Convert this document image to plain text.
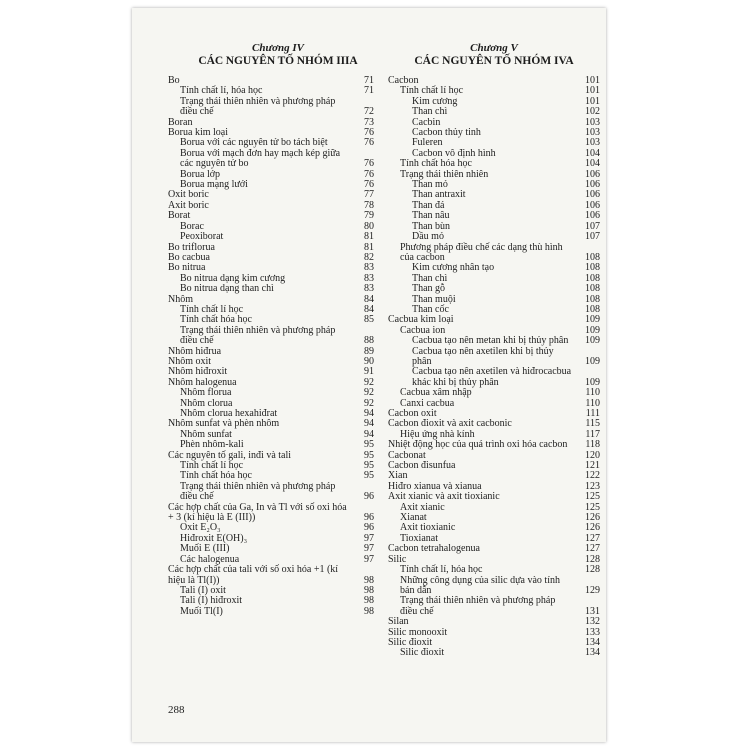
Chương IV
CÁC NGUYÊN TỐ NHÓM IIIA
Bo	71
Tính chất lí, hóa học	71
Trạng thái thiên nhiên và phương pháp điều chế	72
Boran	73
Borua kim loại	76
Borua với các nguyên tử bo tách biệt	76
Borua với mạch đơn hay mạch kép giữa các nguyên tử bo	76
Borua lớp	76
Borua mạng lưới	76
Oxit boric	77
Axit boric	78
Borat	79
Borac	80
Peoxiborat	81
Bo triflorua	81
Bo cacbua	82
Bo nitrua	83
Bo nitrua dạng kim cương	83
Bo nitrua dạng than chì	83
Nhôm	84
Tính chất lí học	84
Tính chất hóa học	85
Trạng thái thiên nhiên và phương pháp điều chế	88
Nhôm hiđrua	89
Nhôm oxit	90
Nhôm hiđroxit	91
Nhôm halogenua	92
Nhôm florua	92
Nhôm clorua	92
Nhôm clorua hexahiđrat	94
Nhôm sunfat và phèn nhôm	94
Nhôm sunfat	94
Phèn nhôm-kali	95
Các nguyên tố gali, inđi và tali	95
Tính chất lí học	95
Tính chất hóa học	95
Trạng thái thiên nhiên và phương pháp điều chế	96
Các hợp chất của Ga, In và Tl với số oxi hóa + 3 (kí hiệu là E (III))	96
Oxit E₂O₃	96
Hiđroxit E(OH)₃	97
Muối E (III)	97
Các halogenua	97
Các hợp chất của tali với số oxi hóa +1 (kí hiệu là Tl(I))	98
Tali (I) oxit	98
Tali (I) hiđroxit	98
Muối Tl(I)	98
Chương V
CÁC NGUYÊN TỐ NHÓM IVA
Cacbon	101
Tính chất lí học	101
Kim cương	101
Than chì	102
Cacbin	103
Cacbon thủy tinh	103
Fuleren	103
Cacbon vô định hình	104
Tính chất hóa học	104
Trạng thái thiên nhiên	106
Than mỏ	106
Than antraxit	106
Than đá	106
Than nâu	106
Than bùn	107
Dầu mỏ	107
Phương pháp điều chế các dạng thù hình của cacbon	108
Kim cương nhân tạo	108
Than chì	108
Than gỗ	108
Than muội	108
Than cốc	108
Cacbua kim loại	109
Cacbua ion	109
Cacbua tạo nên metan khi bị thủy phân 109
Cacbua tạo nên axetilen khi bị thủy phân	109
Cacbua tạo nên axetilen và hiđrocacbua khác khi bị thủy phân	109
Cacbua xâm nhập	110
Canxi cacbua	110
Cacbon oxit	111
Cacbon đioxit và axit cacbonic	115
Hiệu ứng nhà kính	117
Nhiệt động học của quá trình oxi hóa cacbon 118
Cacbonat	120
Cacbon đisunfua	121
Xian	122
Hiđro xianua và xianua	123
Axit xianic và axit tioxianic	125
Axit xianic	125
Xianat	126
Axit tioxianic	126
Tioxianat	127
Cacbon tetrahalogenua	127
Silic	128
Tính chất lí, hóa học	128
Những công dụng của silic dựa vào tính bán dẫn	129
Trạng thái thiên nhiên và phương pháp điều chế	131
Silan	132
Silic monooxit	133
Silic đioxit	134
Silic đioxit	134
288
